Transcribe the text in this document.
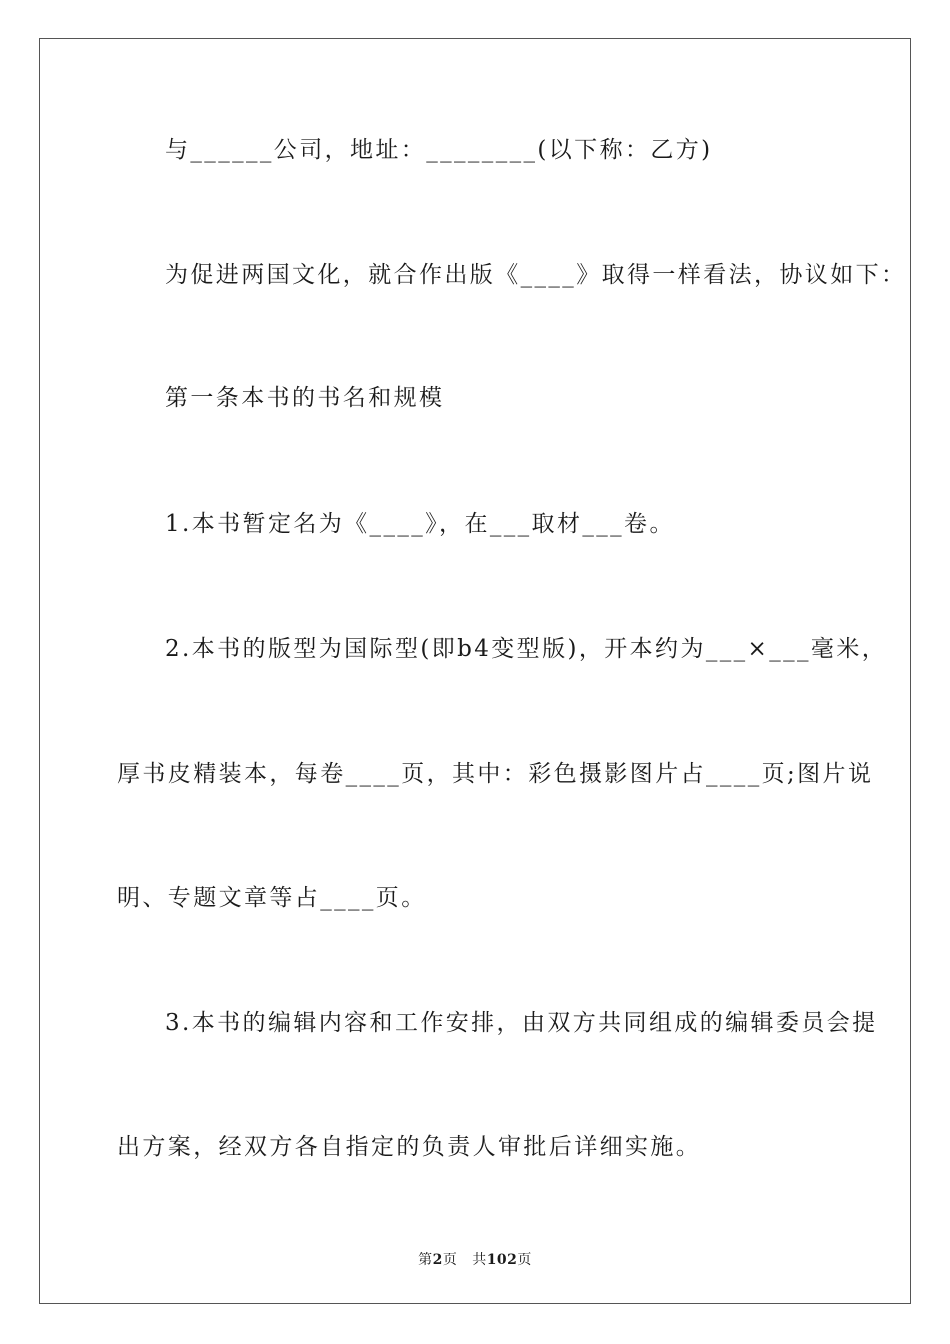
与______公司，地址：________(以下称：乙方)
为促进两国文化，就合作出版《____》取得一样看法，协议如下：
第一条本书的书名和规模
1.本书暂定名为《____》，在___取材___卷。
2.本书的版型为国际型(即b4变型版)，开本约为___×___毫米，
厚书皮精装本，每卷____页，其中：彩色摄影图片占____页;图片说
明、专题文章等占____页。
3.本书的编辑内容和工作安排，由双方共同组成的编辑委员会提
出方案，经双方各自指定的负责人审批后详细实施。
第2页 共102页
